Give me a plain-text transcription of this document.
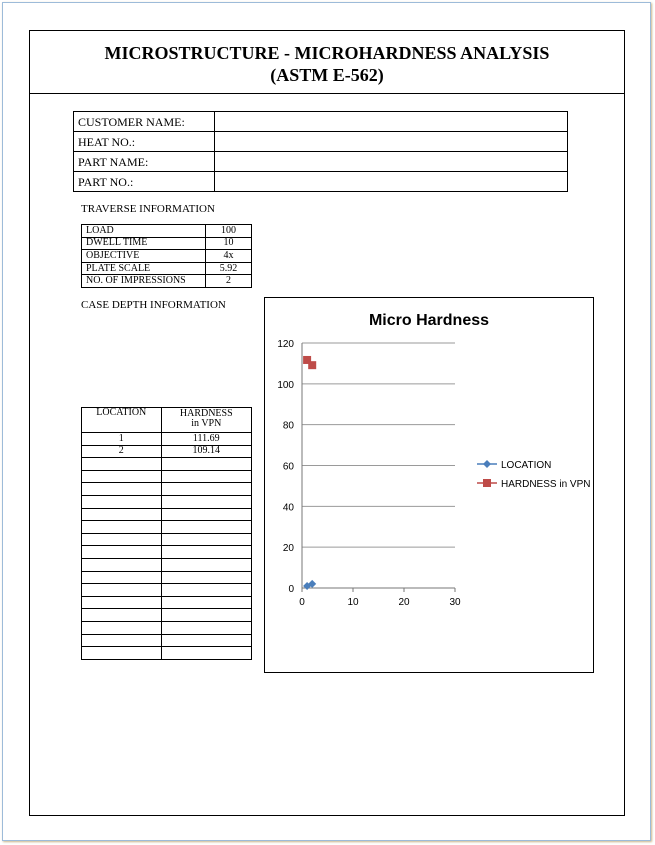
MICROSTRUCTURE - MICROHARDNESS ANALYSIS
(ASTM E-562)
CUSTOMER NAME:	
HEAT NO.:	
PART NAME:	
PART NO.:	
TRAVERSE INFORMATION
LOAD	100
DWELL TIME	10
OBJECTIVE	4x
PLATE SCALE	5.92
NO. OF IMPRESSIONS	2
CASE DEPTH INFORMATION
LOCATION	HARDNESS
in VPN

1	111.69
2	109.14

Micro Hardness
0
20
40
60
80
100
120
0	10	20	30
LOCATION
HARDNESS in VPN
